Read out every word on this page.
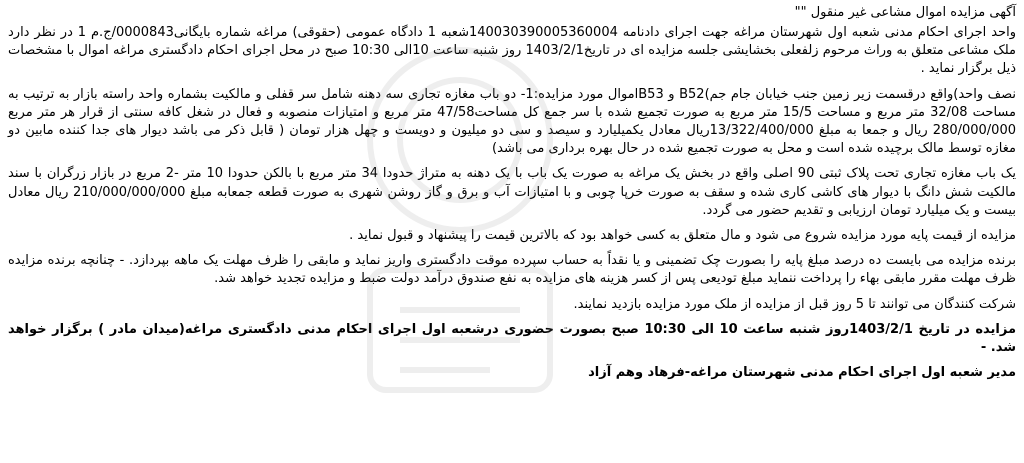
آگهی مزایده اموال مشاعی غیر منقول ""

واحد اجرای احکام مدنی شعبه اول شهرستان مراغه جهت اجرای دادنامه 140030390005360004شعبه 1 دادگاه عمومی (حقوقی) مراغه شماره بایگانی0000843/ج.م 1 در نظر دارد ملک مشاعی متعلق به وراث مرحوم زلفعلی بخشایشی جلسه مزایده ای در تاریخ1403/2/1 روز شنبه ساعت 10الی 10:30 صبح در محل اجرای احکام دادگستری مراغه اموال با مشخصات ذیل برگزار نماید .

نصف واحد)واقع درقسمت زیر زمین جنب خیابان جام جم)B52 و B53اموال مورد مزایده:1- دو باب مغازه تجاری سه دهنه شامل سر قفلی و مالکیت بشماره واحد راسته بازار به ترتیب به مساحت 32/08 متر مربع و مساحت 15/5 متر مربع به صورت تجمیع شده با سر جمع کل مساحت47/58 متر مربع و امتیازات منصوبه و فعال در شغل کافه سنتی از قرار هر متر مربع 280/000/000 ریال و جمعا به مبلغ 13/322/400/000ریال معادل یکمیلیارد و سیصد و سی دو میلیون و دویست و چهل هزار تومان ( قابل ذکر می باشد دیوار های جدا کننده مابین دو مغازه توسط مالک برچیده شده است و محل به صورت تجمیع شده در حال بهره برداری می باشد)

یک باب مغازه تجاری تحت پلاک ثبتی 90 اصلی واقع در بخش یک مراغه به صورت یک باب با یک دهنه به متراژ حدودا 34 متر مربع با بالکن حدودا 10 متر -2 مربع در بازار زرگران با سند مالکیت شش دانگ با دیوار های کاشی کاری شده و سقف به صورت خرپا چوبی و با امتیازات آب و برق و گاز روشن شهری به صورت قطعه جمعابه مبلغ 210/000/000/000 ریال معادل بیست و یک میلیارد تومان ارزیابی و تقدیم حضور می گردد.

مزایده از قیمت پایه مورد مزایده شروع می شود و مال متعلق به کسی خواهد بود که بالاترین قیمت را پیشنهاد و قبول نماید .

برنده مزایده می بایست ده درصد مبلغ پایه را بصورت چک تضمینی و یا نقداً به حساب سپرده موقت دادگستری واریز نماید و مابقی را ظرف مهلت یک ماهه بپردازد. - چنانچه برنده مزایده ظرف مهلت مقرر مابقی بهاء را پرداخت ننماید مبلغ تودیعی پس از کسر هزینه های مزایده به نفع صندوق درآمد دولت ضبط و مزایده تجدید خواهد شد.

شرکت کنندگان می توانند تا 5 روز قبل از مزایده از ملک مورد مزایده بازدید نمایند.

مزایده در تاریخ 1403/2/1روز شنبه ساعت 10 الی 10:30 صبح بصورت حضوری درشعبه اول اجرای احکام مدنی دادگستری مراغه(میدان مادر ) برگزار خواهد شد. -

مدیر شعبه اول اجرای احکام مدنی شهرستان مراغه-فرهاد وهم آزاد
